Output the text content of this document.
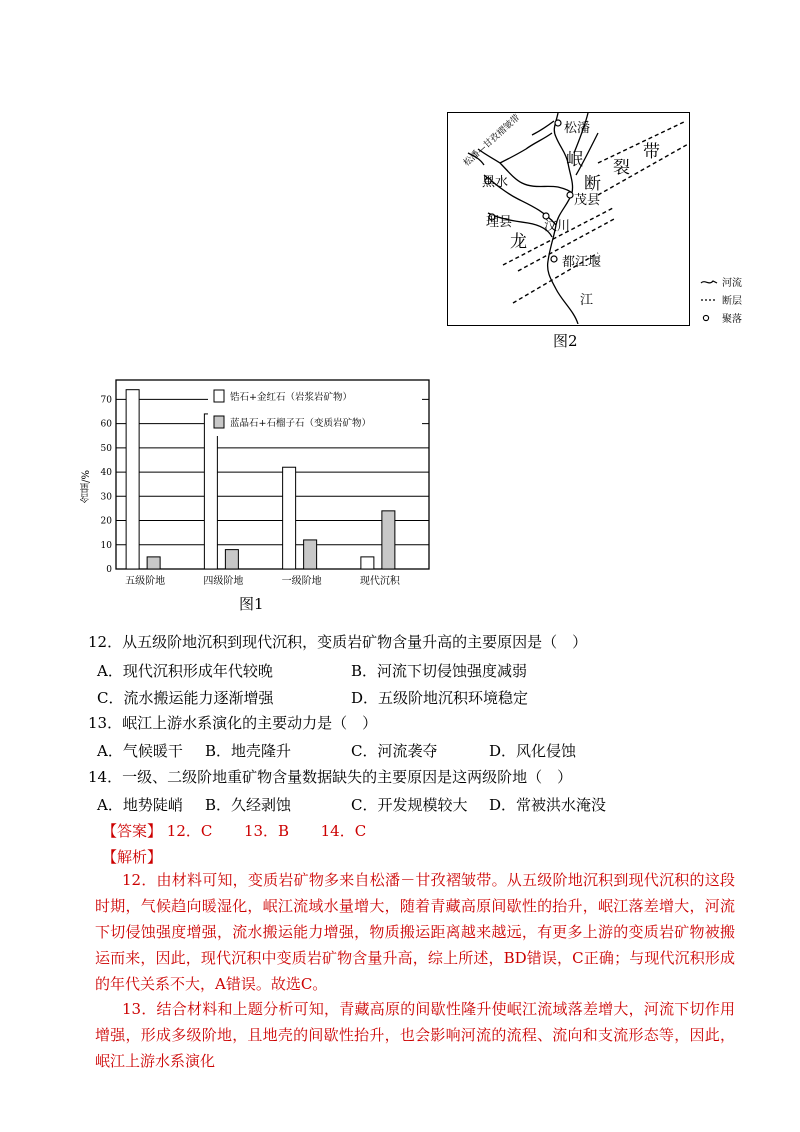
松潘
岷 裂
带
断
黑水
茂县
理县 汶川
龙
都江堰
江
松潘—甘孜褶皱带
河流
断层
聚落
图2
含量/%
0
10
20
30
40
50
60
70
五级阶地	四级阶地	一级阶地	现代沉积
锆石+金红石（岩浆岩矿物）
蓝晶石+石榴子石（变质岩矿物）
图1
12．从五级阶地沉积到现代沉积，变质岩矿物含量升高的主要原因是（　）
A．现代沉积形成年代较晚	B．河流下切侵蚀强度减弱
C．流水搬运能力逐渐增强	D．五级阶地沉积环境稳定
13．岷江上游水系演化的主要动力是（　）
A．气候暖干 B．地壳隆升	C．河流袭夺	D．风化侵蚀
14．一级、二级阶地重矿物含量数据缺失的主要原因是这两级阶地（　）
A．地势陡峭 B．久经剥蚀	C．开发规模较大 D．常被洪水淹没
【答案】 12．C 13．B 14．C
【解析】
12．由材料可知，变质岩矿物多来自松潘－甘孜褶皱带。从五级阶地沉积到现代沉积的这段时期，气候趋向暖湿化，岷江流域水量增大，随着青藏高原间歇性的抬升，岷江落差增大，河流下切侵蚀强度增强，流水搬运能力增强，物质搬运距离越来越远，有更多上游的变质岩矿物被搬运而来，因此，现代沉积中变质岩矿物含量升高，综上所述，BD错误，C正确；与现代沉积形成的年代关系不大，A错误。故选C。
13．结合材料和上题分析可知，青藏高原的间歇性隆升使岷江流域落差增大，河流下切作用增强，形成多级阶地，且地壳的间歇性抬升，也会影响河流的流程、流向和支流形态等，因此，岷江上游水系演化
